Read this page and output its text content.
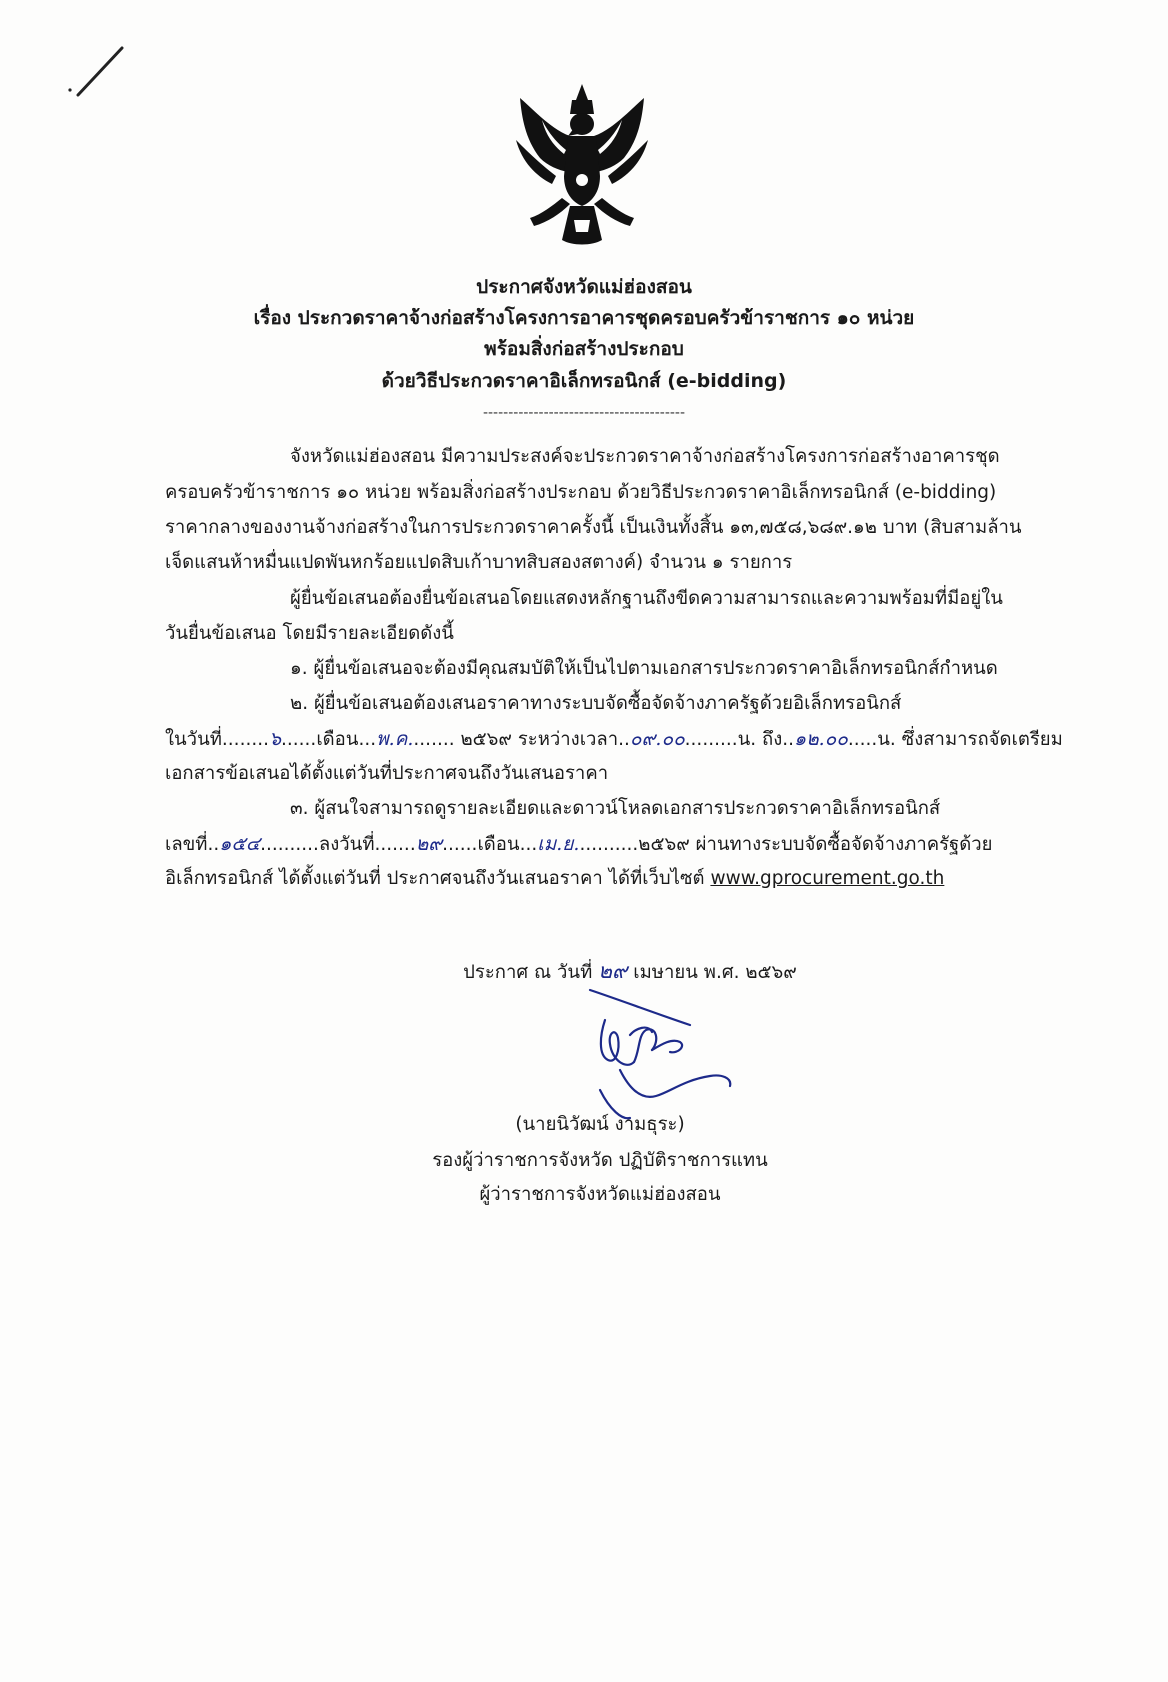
ประกาศจังหวัดแม่ฮ่องสอน
เรื่อง ประกวดราคาจ้างก่อสร้างโครงการอาคารชุดครอบครัวข้าราชการ ๑๐ หน่วย
พร้อมสิ่งก่อสร้างประกอบ
ด้วยวิธีประกวดราคาอิเล็กทรอนิกส์ (e-bidding)
----------------------------------------
จังหวัดแม่ฮ่องสอน มีความประสงค์จะประกวดราคาจ้างก่อสร้างโครงการก่อสร้างอาคารชุด
ครอบครัวข้าราชการ ๑๐ หน่วย พร้อมสิ่งก่อสร้างประกอบ ด้วยวิธีประกวดราคาอิเล็กทรอนิกส์ (e-bidding)
ราคากลางของงานจ้างก่อสร้างในการประกวดราคาครั้งนี้ เป็นเงินทั้งสิ้น ๑๓,๗๕๘,๖๘๙.๑๒ บาท (สิบสามล้าน
เจ็ดแสนห้าหมื่นแปดพันหกร้อยแปดสิบเก้าบาทสิบสองสตางค์) จำนวน ๑ รายการ
ผู้ยื่นข้อเสนอต้องยื่นข้อเสนอโดยแสดงหลักฐานถึงขีดความสามารถและความพร้อมที่มีอยู่ใน
วันยื่นข้อเสนอ โดยมีรายละเอียดดังนี้
๑. ผู้ยื่นข้อเสนอจะต้องมีคุณสมบัติให้เป็นไปตามเอกสารประกวดราคาอิเล็กทรอนิกส์กำหนด
๒. ผู้ยื่นข้อเสนอต้องเสนอราคาทางระบบจัดซื้อจัดจ้างภาครัฐด้วยอิเล็กทรอนิกส์
ในวันที่........๖......เดือน...พ.ค........ ๒๕๖๙ ระหว่างเวลา..๐๙.๐๐.........น. ถึง..๑๒.๐๐.....น. ซึ่งสามารถจัดเตรียม
เอกสารข้อเสนอได้ตั้งแต่วันที่ประกาศจนถึงวันเสนอราคา
๓. ผู้สนใจสามารถดูรายละเอียดและดาวน์โหลดเอกสารประกวดราคาอิเล็กทรอนิกส์
เลขที่..๑๕๔..........ลงวันที่.......๒๙......เดือน...เม.ย...........๒๕๖๙ ผ่านทางระบบจัดซื้อจัดจ้างภาครัฐด้วย
อิเล็กทรอนิกส์ ได้ตั้งแต่วันที่ ประกาศจนถึงวันเสนอราคา ได้ที่เว็บไซต์ www.gprocurement.go.th
ประกาศ ณ วันที่ ๒๙ เมษายน พ.ศ. ๒๕๖๙
(นายนิวัฒน์ งามธุระ)
รองผู้ว่าราชการจังหวัด ปฏิบัติราชการแทน
ผู้ว่าราชการจังหวัดแม่ฮ่องสอน
